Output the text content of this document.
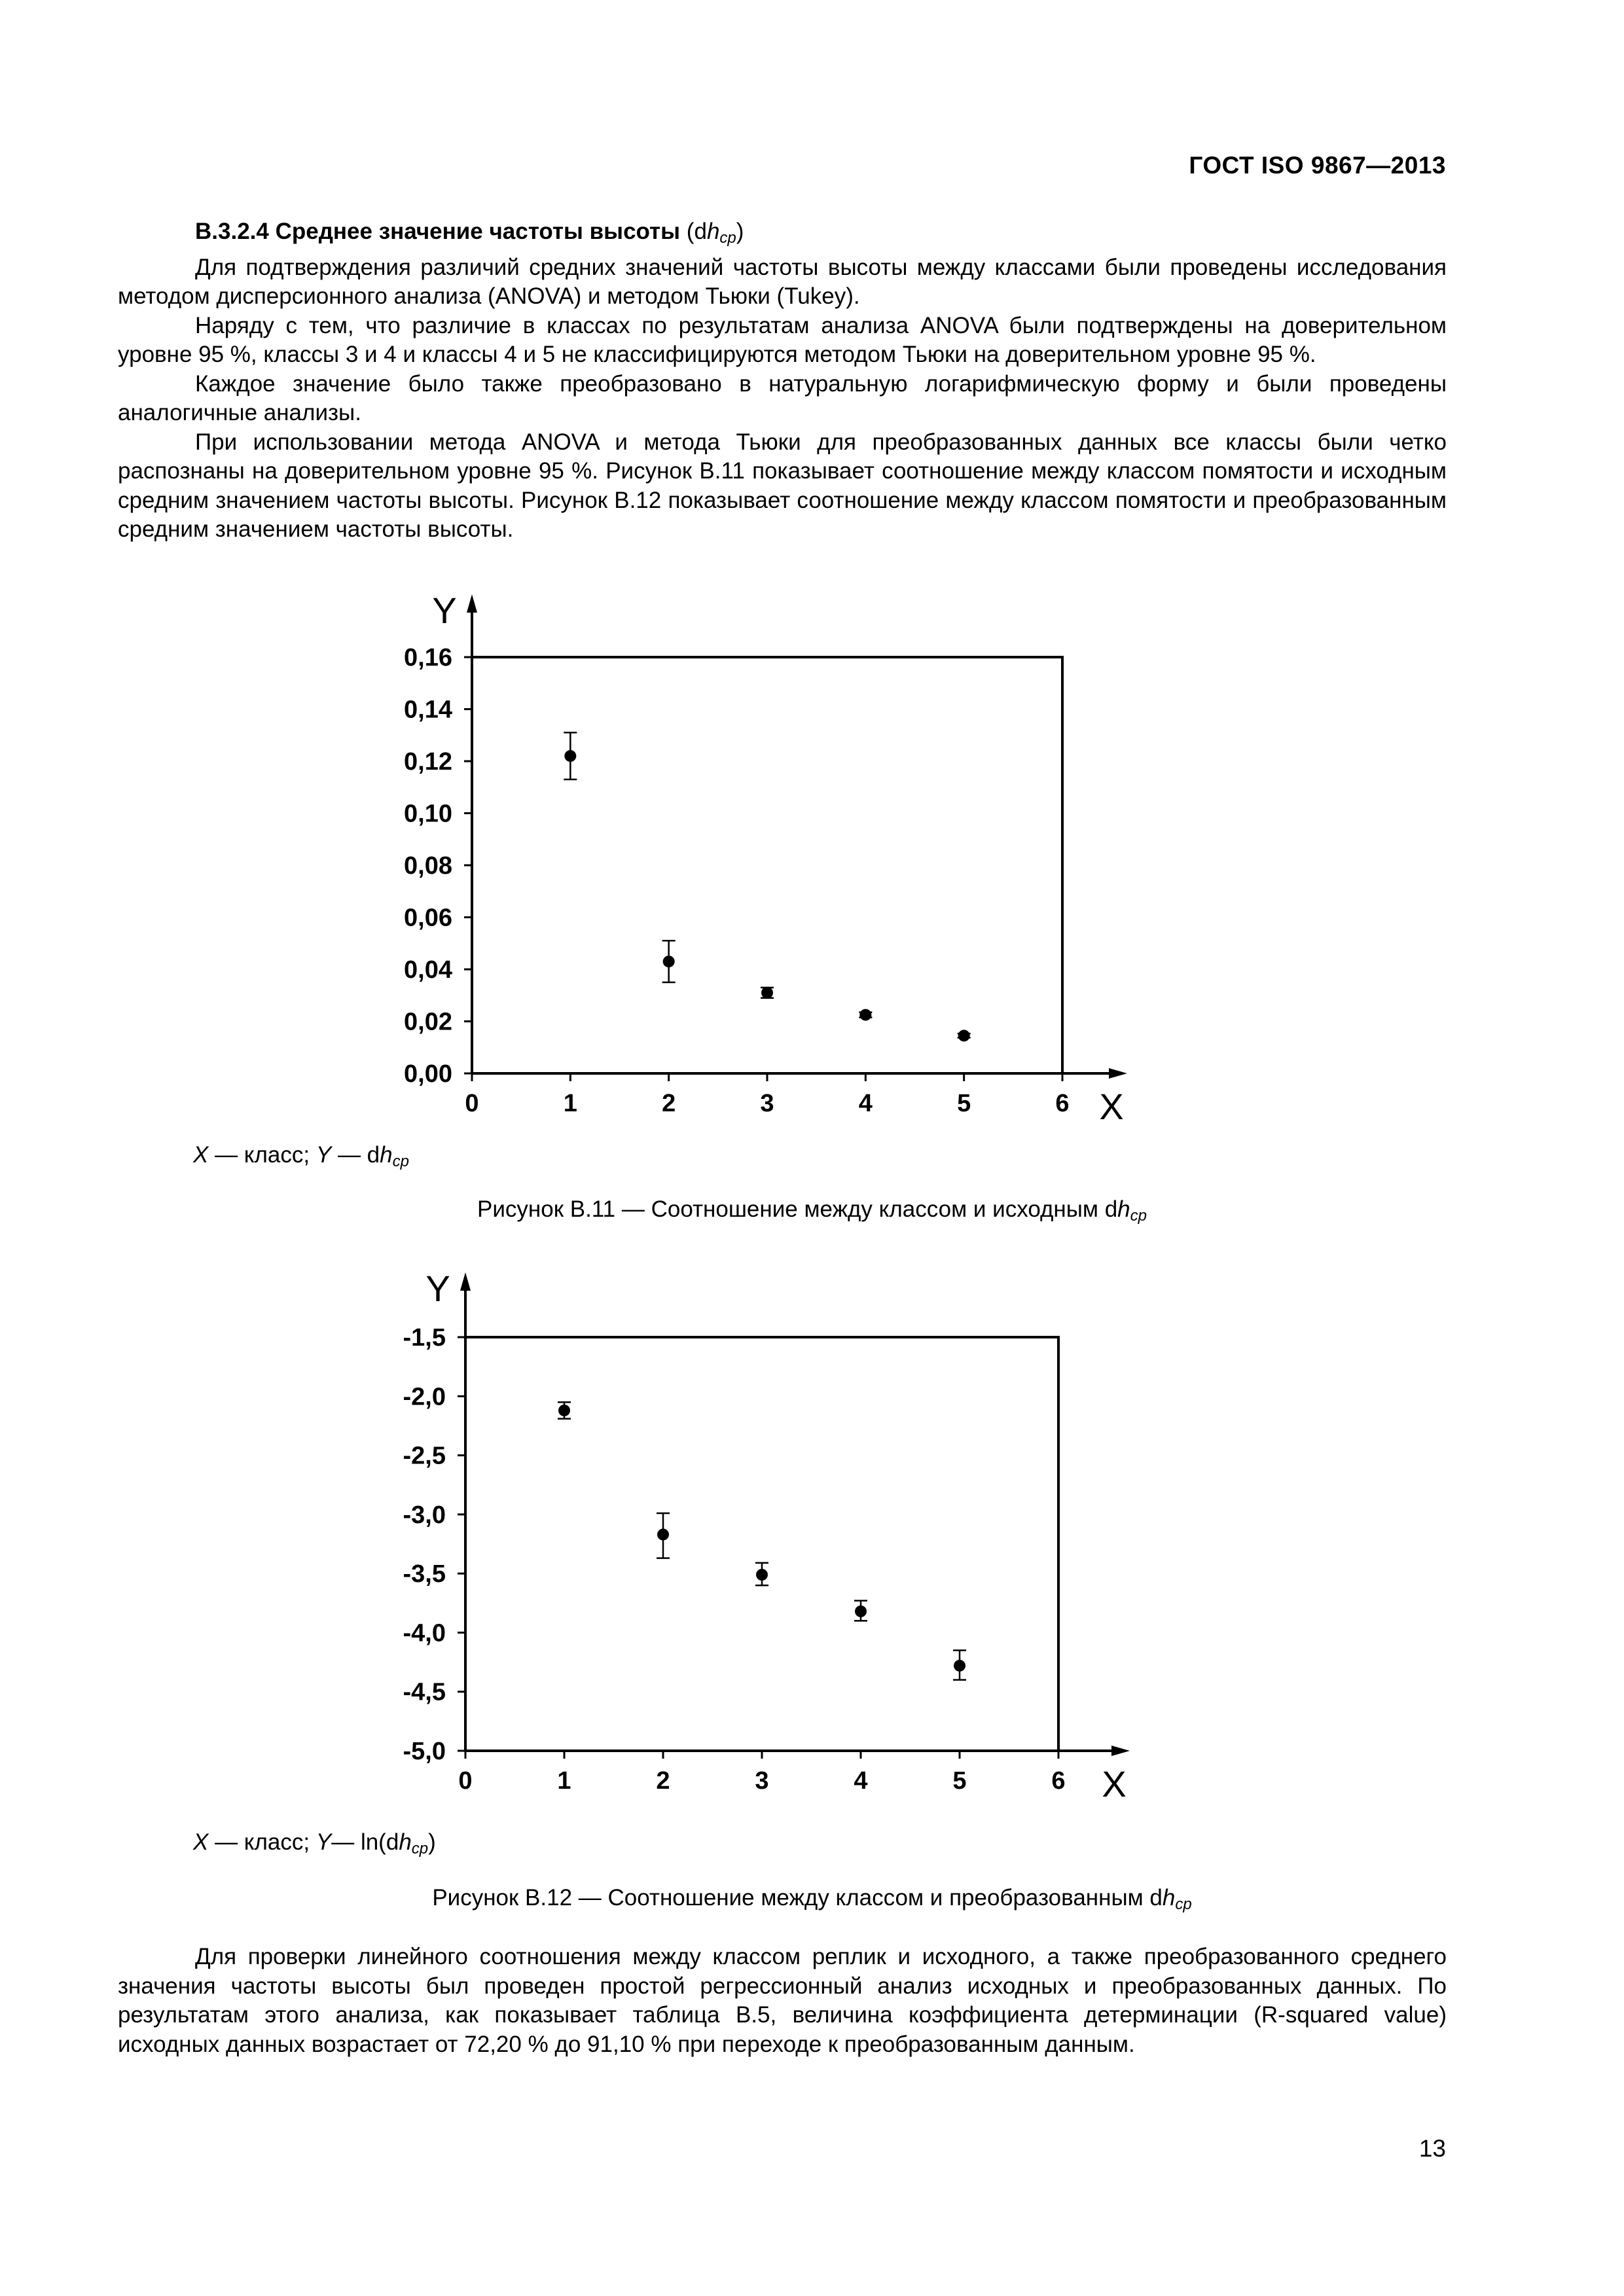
ГОСТ ISO 9867—2013

В.3.2.4 Среднее значение частоты высоты $(dh_{ср})$

Для подтверждения различий средних значений частоты высоты между классами были проведены исследования методом дисперсионного анализа (ANOVA) и методом Тьюки (Tukey).

Наряду с тем, что различие в классах по результатам анализа ANOVA были подтверждены на доверительном уровне 95 %, классы 3 и 4 и классы 4 и 5 не классифицируются методом Тьюки на доверительном уровне 95 %.

Каждое значение было также преобразовано в натуральную логарифмическую форму и были проведены аналогичные анализы.

При использовании метода ANOVA и метода Тьюки для преобразованных данных все классы были четко распознаны на доверительном уровне 95 %. Рисунок В.11 показывает соотношение между классом помятости и исходным средним значением частоты высоты. Рисунок В.12 показывает соотношение между классом помятости и преобразованным средним значением частоты высоты.

0,00
0,02
0,04
0,06
0,08
0,10
0,12
0,14
0,16
0	1	2	3	4	5	6
Y
X
X — класс; Y — $dh_{ср}$
Рисунок В.11 — Соотношение между классом и исходным $dh_{ср}$
-5,0
-4,5
-4,0
-3,5
-3,0
-2,5
-2,0
-1,5
0	1	2	3	4	5	6
Y
X
X — класс; Y— $\ln(dh_{ср})$
Рисунок В.12 — Соотношение между классом и преобразованным $dh_{ср}$

Для проверки линейного соотношения между классом реплик и исходного, а также преобразованного среднего значения частоты высоты был проведен простой регрессионный анализ исходных и преобразованных данных. По результатам этого анализа, как показывает таблица В.5, величина коэффициента детерминации (R-squared value) исходных данных возрастает от 72,20 % до 91,10 % при переходе к преобразованным данным.

13
